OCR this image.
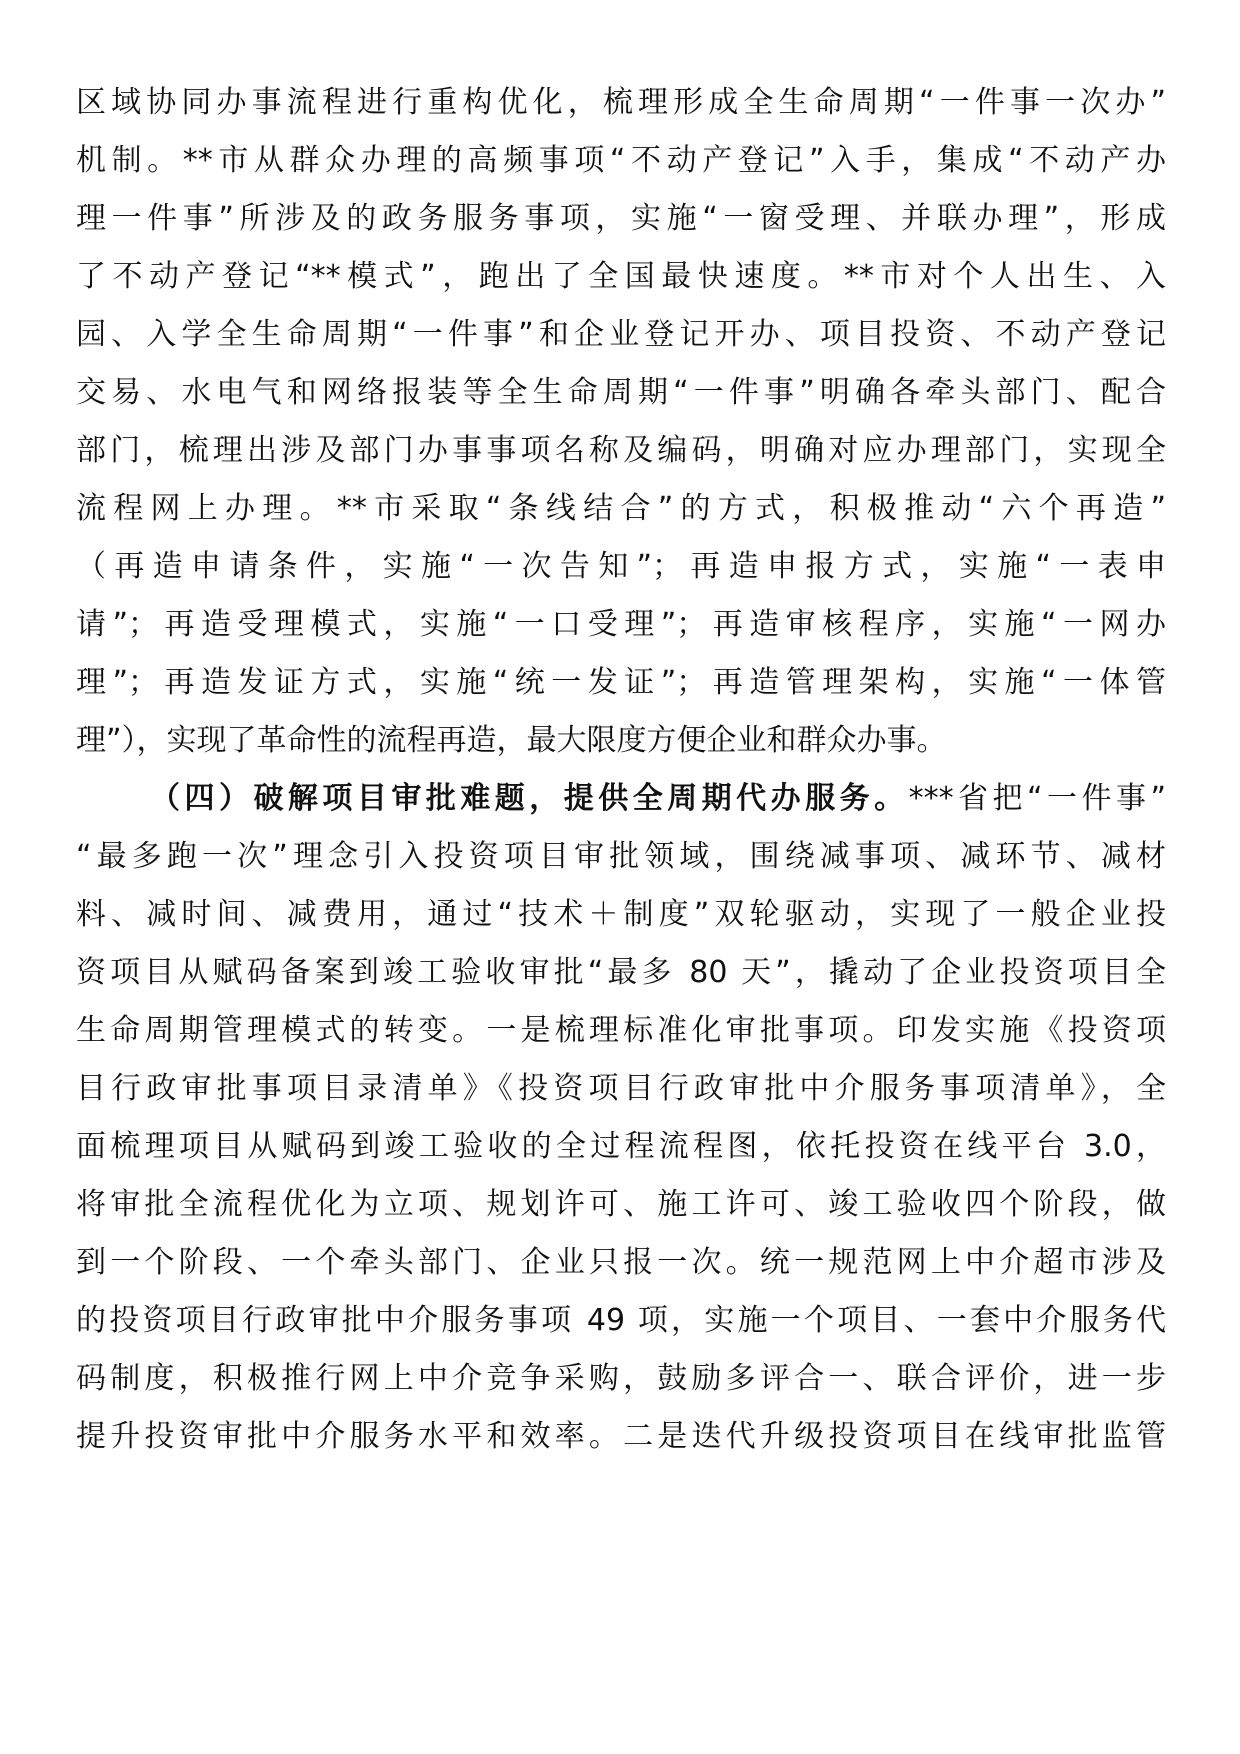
区域协同办事流程进行重构优化，梳理形成全生命周期“一件事一次办”
机制。**市从群众办理的高频事项“不动产登记”入手，集成“不动产办
理一件事”所涉及的政务服务事项，实施“一窗受理、并联办理”，形成
了不动产登记“**模式”，跑出了全国最快速度。**市对个人出生、入
园、入学全生命周期“一件事”和企业登记开办、项目投资、不动产登记
交易、水电气和网络报装等全生命周期“一件事”明确各牵头部门、配合
部门，梳理出涉及部门办事事项名称及编码，明确对应办理部门，实现全
流程网上办理。**市采取“条线结合”的方式，积极推动“六个再造”
（再造申请条件，实施“一次告知”；再造申报方式，实施“一表申
请”；再造受理模式，实施“一口受理”；再造审核程序，实施“一网办
理”；再造发证方式，实施“统一发证”；再造管理架构，实施“一体管
理”），实现了革命性的流程再造，最大限度方便企业和群众办事。
（四）破解项目审批难题，提供全周期代办服务。***省把“一件事”
“最多跑一次”理念引入投资项目审批领域，围绕减事项、减环节、减材
料、减时间、减费用，通过“技术＋制度”双轮驱动，实现了一般企业投
资项目从赋码备案到竣工验收审批“最多 80 天”，撬动了企业投资项目全
生命周期管理模式的转变。一是梳理标准化审批事项。印发实施《投资项
目行政审批事项目录清单》《投资项目行政审批中介服务事项清单》，全
面梳理项目从赋码到竣工验收的全过程流程图，依托投资在线平台 3.0，
将审批全流程优化为立项、规划许可、施工许可、竣工验收四个阶段，做
到一个阶段、一个牵头部门、企业只报一次。统一规范网上中介超市涉及
的投资项目行政审批中介服务事项 49 项，实施一个项目、一套中介服务代
码制度，积极推行网上中介竞争采购，鼓励多评合一、联合评价，进一步
提升投资审批中介服务水平和效率。二是迭代升级投资项目在线审批监管
